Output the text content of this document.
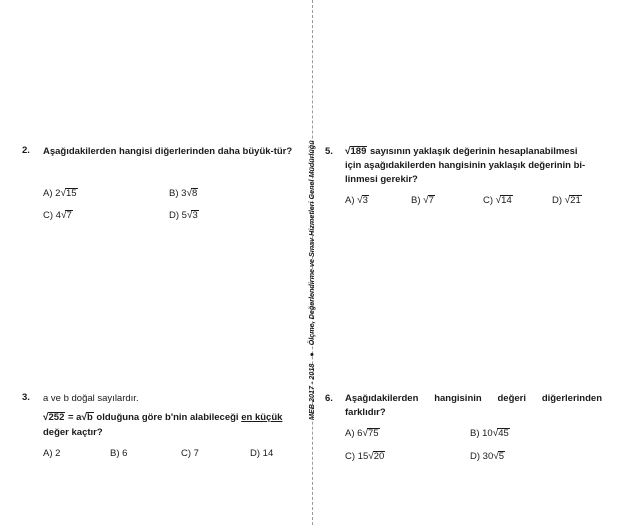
MEB 2017 - 2018 ● Ölçme, Değerlendirme ve Sınav Hizmetleri Genel Müdürlüğü
2. Aşağıdakilerden hangisi diğerlerinden daha büyük-tür?
A) 2√15	B) 3√8
C) 4√7	D) 5√3
3. a ve b doğal sayılardır.
√252 = a√b olduğuna göre b'nin alabileceği en küçük
değer kaçtır?
A) 2	B) 6	C) 7	D) 14
5. √189 sayısının yaklaşık değerinin hesaplanabilmesi
için aşağıdakilerden hangisinin yaklaşık değerinin bi-
linmesi gerekir?
A) √3	B) √7	C) √14	D) √21
6. Aşağıdakilerden hangisinin değeri diğerlerinden farklıdır?
A) 6√75	B) 10√45
C) 15√20	D) 30√5
